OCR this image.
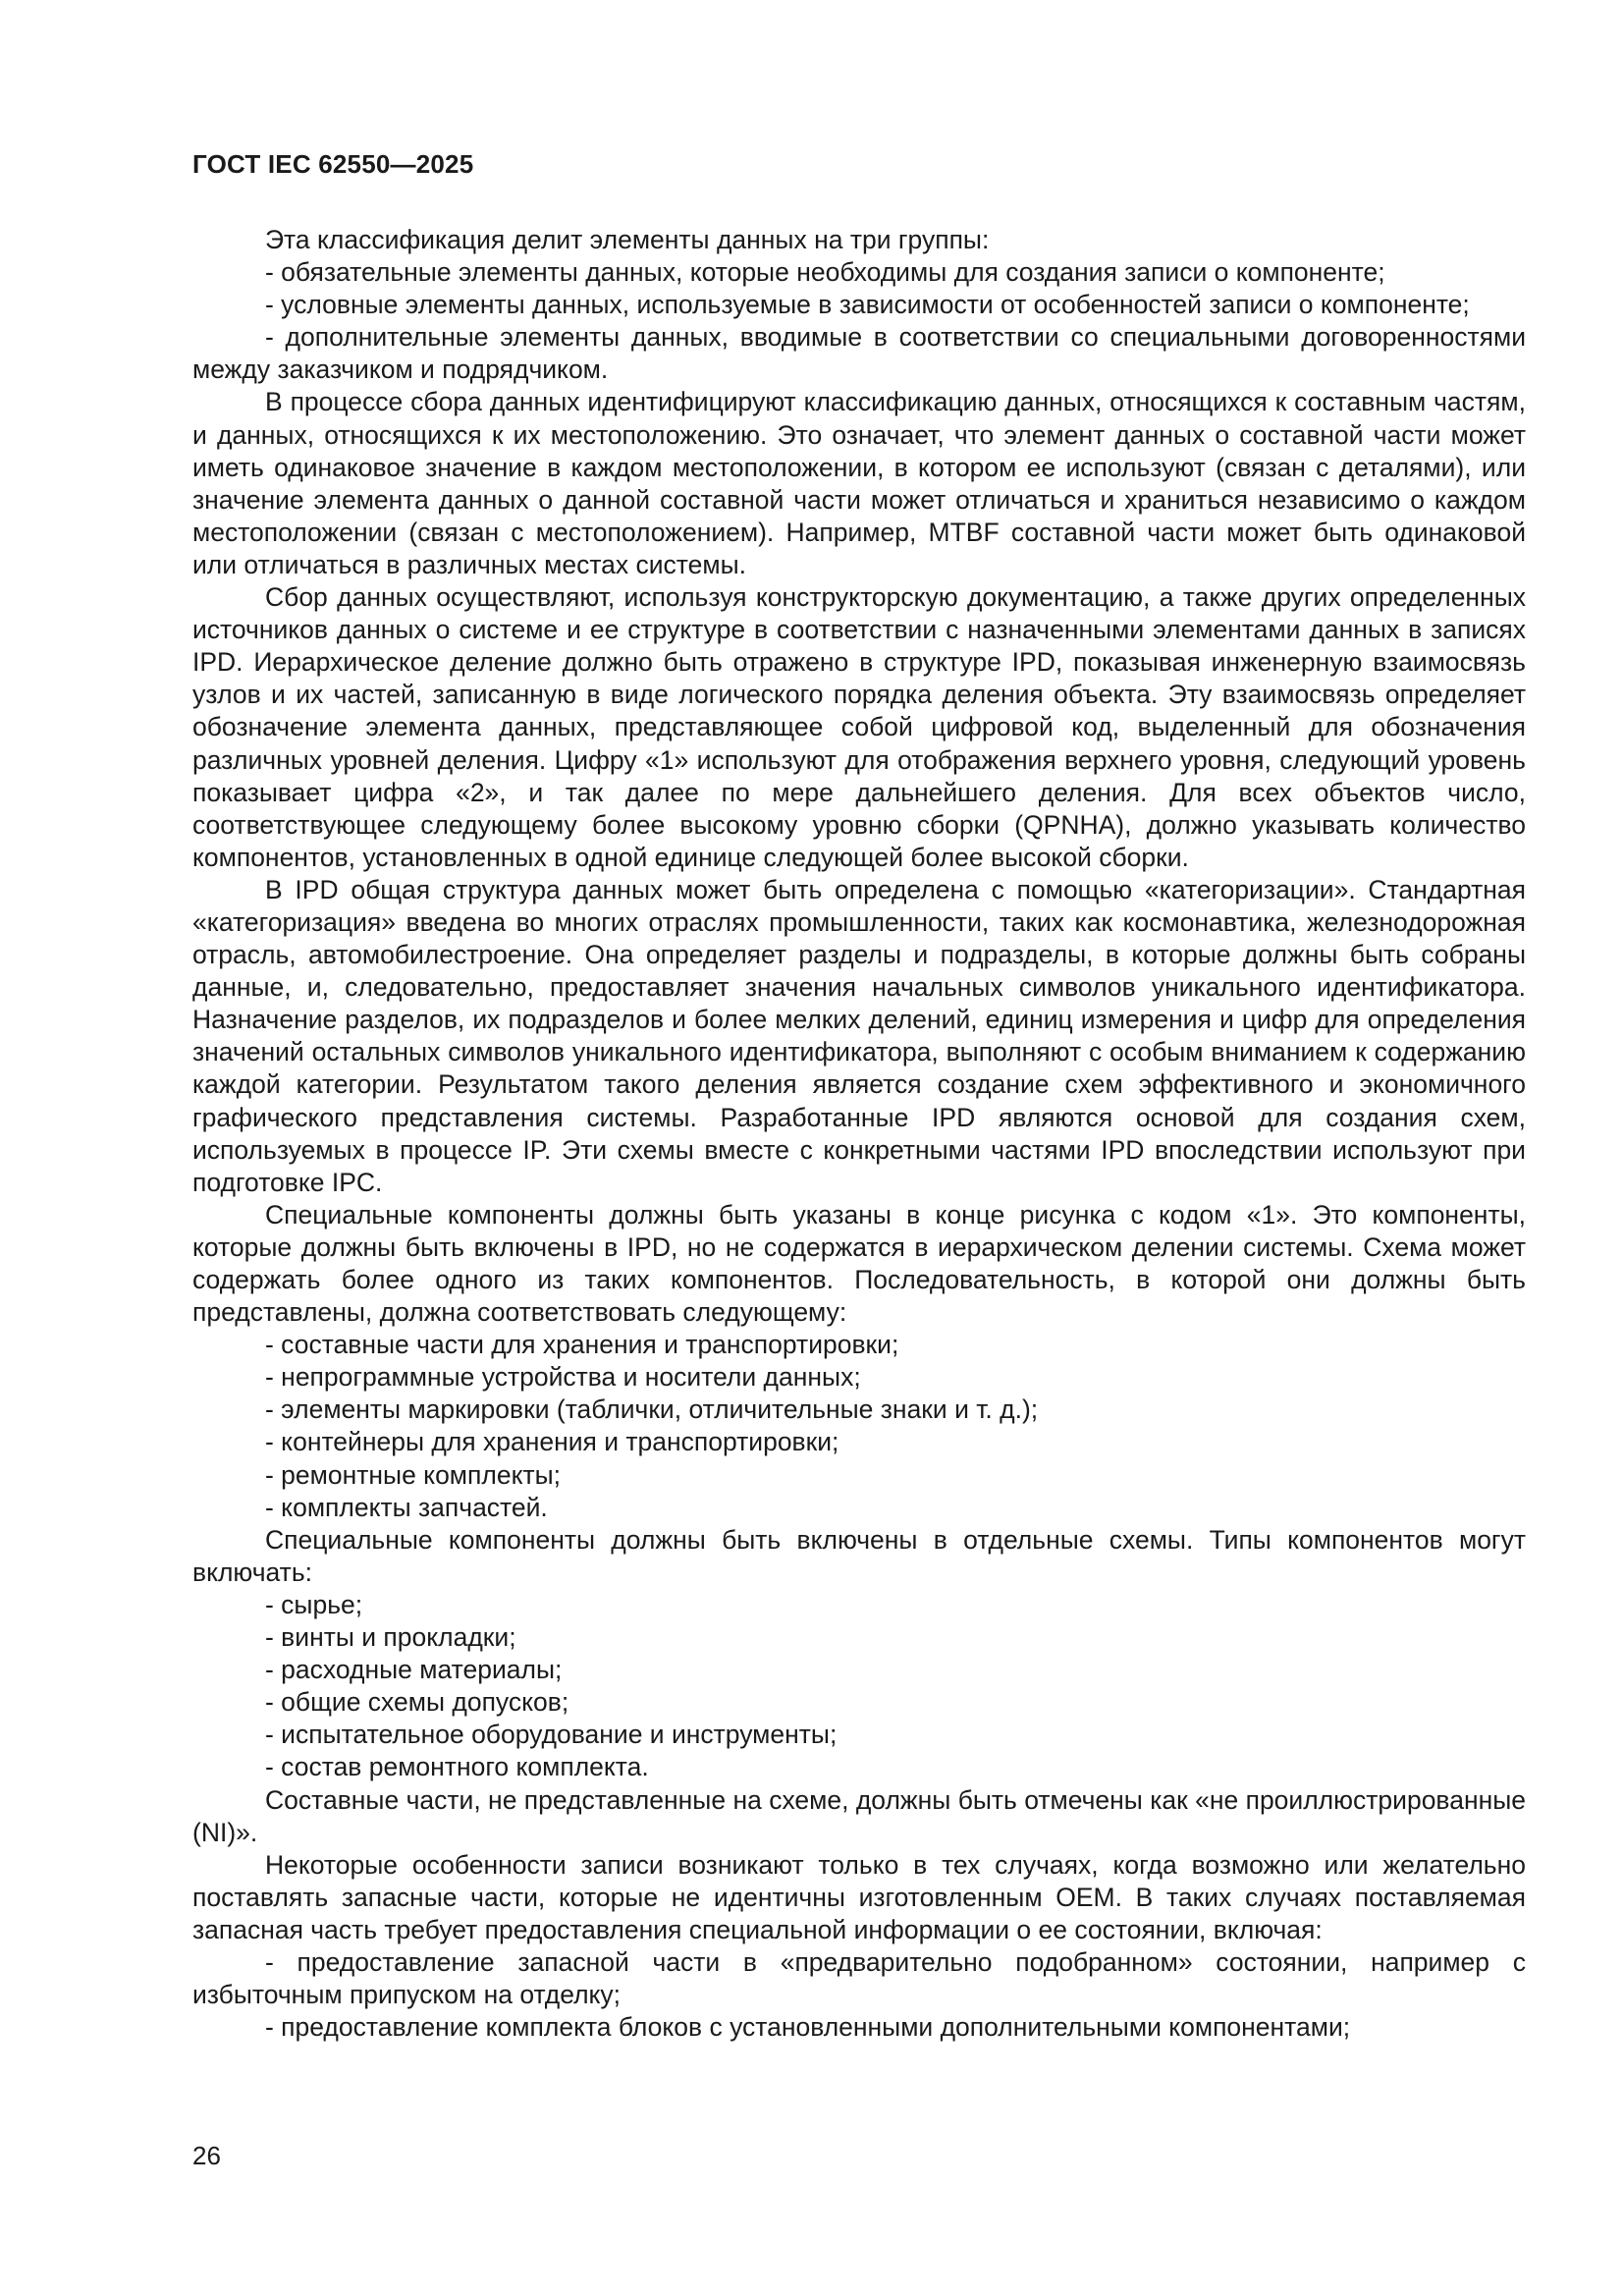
ГОСТ IEC 62550—2025

Эта классификация делит элементы данных на три группы:

- обязательные элементы данных, которые необходимы для создания записи о компоненте;
- условные элементы данных, используемые в зависимости от особенностей записи о компоненте;
- дополнительные элементы данных, вводимые в соответствии со специальными договоренностями между заказчиком и подрядчиком.

В процессе сбора данных идентифицируют классификацию данных, относящихся к составным частям, и данных, относящихся к их местоположению. Это означает, что элемент данных о составной части может иметь одинаковое значение в каждом местоположении, в котором ее используют (связан с деталями), или значение элемента данных о данной составной части может отличаться и храниться независимо о каждом местоположении (связан с местоположением). Например, MTBF составной части может быть одинаковой или отличаться в различных местах системы.

Сбор данных осуществляют, используя конструкторскую документацию, а также других определенных источников данных о системе и ее структуре в соответствии с назначенными элементами данных в записях IPD. Иерархическое деление должно быть отражено в структуре IPD, показывая инженерную взаимосвязь узлов и их частей, записанную в виде логического порядка деления объекта. Эту взаимосвязь определяет обозначение элемента данных, представляющее собой цифровой код, выделенный для обозначения различных уровней деления. Цифру «1» используют для отображения верхнего уровня, следующий уровень показывает цифра «2», и так далее по мере дальнейшего деления. Для всех объектов число, соответствующее следующему более высокому уровню сборки (QPNHA), должно указывать количество компонентов, установленных в одной единице следующей более высокой сборки.

В IPD общая структура данных может быть определена с помощью «категоризации». Стандартная «категоризация» введена во многих отраслях промышленности, таких как космонавтика, железнодорожная отрасль, автомобилестроение. Она определяет разделы и подразделы, в которые должны быть собраны данные, и, следовательно, предоставляет значения начальных символов уникального идентификатора. Назначение разделов, их подразделов и более мелких делений, единиц измерения и цифр для определения значений остальных символов уникального идентификатора, выполняют с особым вниманием к содержанию каждой категории. Результатом такого деления является создание схем эффективного и экономичного графического представления системы. Разработанные IPD являются основой для создания схем, используемых в процессе IP. Эти схемы вместе с конкретными частями IPD впоследствии используют при подготовке IPC.

Специальные компоненты должны быть указаны в конце рисунка с кодом «1». Это компоненты, которые должны быть включены в IPD, но не содержатся в иерархическом делении системы. Схема может содержать более одного из таких компонентов. Последовательность, в которой они должны быть представлены, должна соответствовать следующему:

- составные части для хранения и транспортировки;
- непрограммные устройства и носители данных;
- элементы маркировки (таблички, отличительные знаки и т. д.);
- контейнеры для хранения и транспортировки;
- ремонтные комплекты;
- комплекты запчастей.

Специальные компоненты должны быть включены в отдельные схемы. Типы компонентов могут включать:

- сырье;
- винты и прокладки;
- расходные материалы;
- общие схемы допусков;
- испытательное оборудование и инструменты;
- состав ремонтного комплекта.

Составные части, не представленные на схеме, должны быть отмечены как «не проиллюстрированные (NI)».

Некоторые особенности записи возникают только в тех случаях, когда возможно или желательно поставлять запасные части, которые не идентичны изготовленным OEM. В таких случаях поставляемая запасная часть требует предоставления специальной информации о ее состоянии, включая:

- предоставление запасной части в «предварительно подобранном» состоянии, например с избыточным припуском на отделку;
- предоставление комплекта блоков с установленными дополнительными компонентами;
26
